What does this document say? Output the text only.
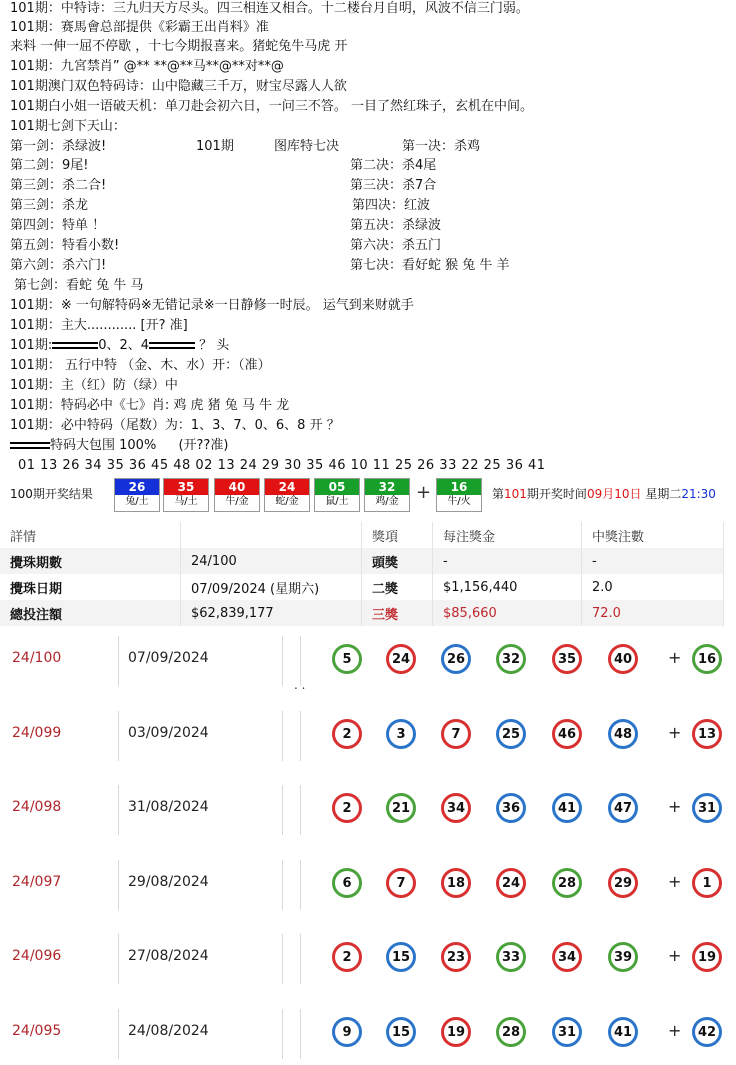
101期：中特诗：三九归天方尽头。四三相连又相合。十二楼台月自明，风波不信三门弱。
101期：赛馬會总部提供《彩霸王出肖料》准
来料 一伸一屈不停歇 ，十七今期报喜来。猪蛇兔牛马虎 开
101期：九宮禁肖” @** **@**马**@**对**@
101期澳门双色特码诗：山中隐藏三千万，财宝尽露人人欲
101期白小姐一语破天机：单刀赴会初六日，一问三不答。 一目了然红珠子，玄机在中间。
101期七剑下天山：
第一剑：杀绿波!	101期	图库特七决	第一决：杀鸡
第二剑：9尾!	第二决：杀4尾
第三剑：杀二合!	第三决：杀7合
第三剑：杀龙	第四决：红波
第四剑：特单 ！	第五决：杀绿波
第五剑：特看小数!	第六决：杀五门
第六剑：杀六门!	第七决：看好蛇 猴 兔 牛 羊
第七剑：看蛇 兔 牛 马
101期：※ 一句解特码※无错记录※一日静修一时辰。 运气到来财就手
101期：主大............ [开? 准]
101期:	0、2、4	？ 头
101期： 五行中特 （金、木、水）开：（准）
101期：主（红）防（绿）中
101期：特码必中《七》肖: 鸡 虎 猪 兔 马 牛 龙
101期：必中特码（尾数）为：1、3、7、0、6、8 开 ？
特码大包围 100% (开??准)
01 13 26 34 35 36 45 48 02 13 24 29 30 35 46 10 11 25 26 33 22 25 36 41
100期开奖结果	26
兔/土
35
马/土
40
牛/金
24
蛇/金
05
鼠/土
32
鸡/金 +	16
牛/火
第101期开奖时间09月10日 星期二21:30
詳情		獎項	每注獎金	中獎注數
攪珠期數	24/100	頭獎	-	-
攪珠日期	07/09/2024 (星期六)	二獎	$1,156,440	2.0
總投注額	$62,839,177	三獎	$85,660	72.0
24/100	07/09/2024	5	24	26	32	35	40	+	16
. .
24/099	03/09/2024	2	3	7	25	46	48	+	13
24/098	31/08/2024	2	21	34	36	41	47	+	31
24/097	29/08/2024	6	7	18	24	28	29	+	1
24/096	27/08/2024	2	15	23	33	34	39	+	19
24/095	24/08/2024	9	15	19	28	31	41	+	42
